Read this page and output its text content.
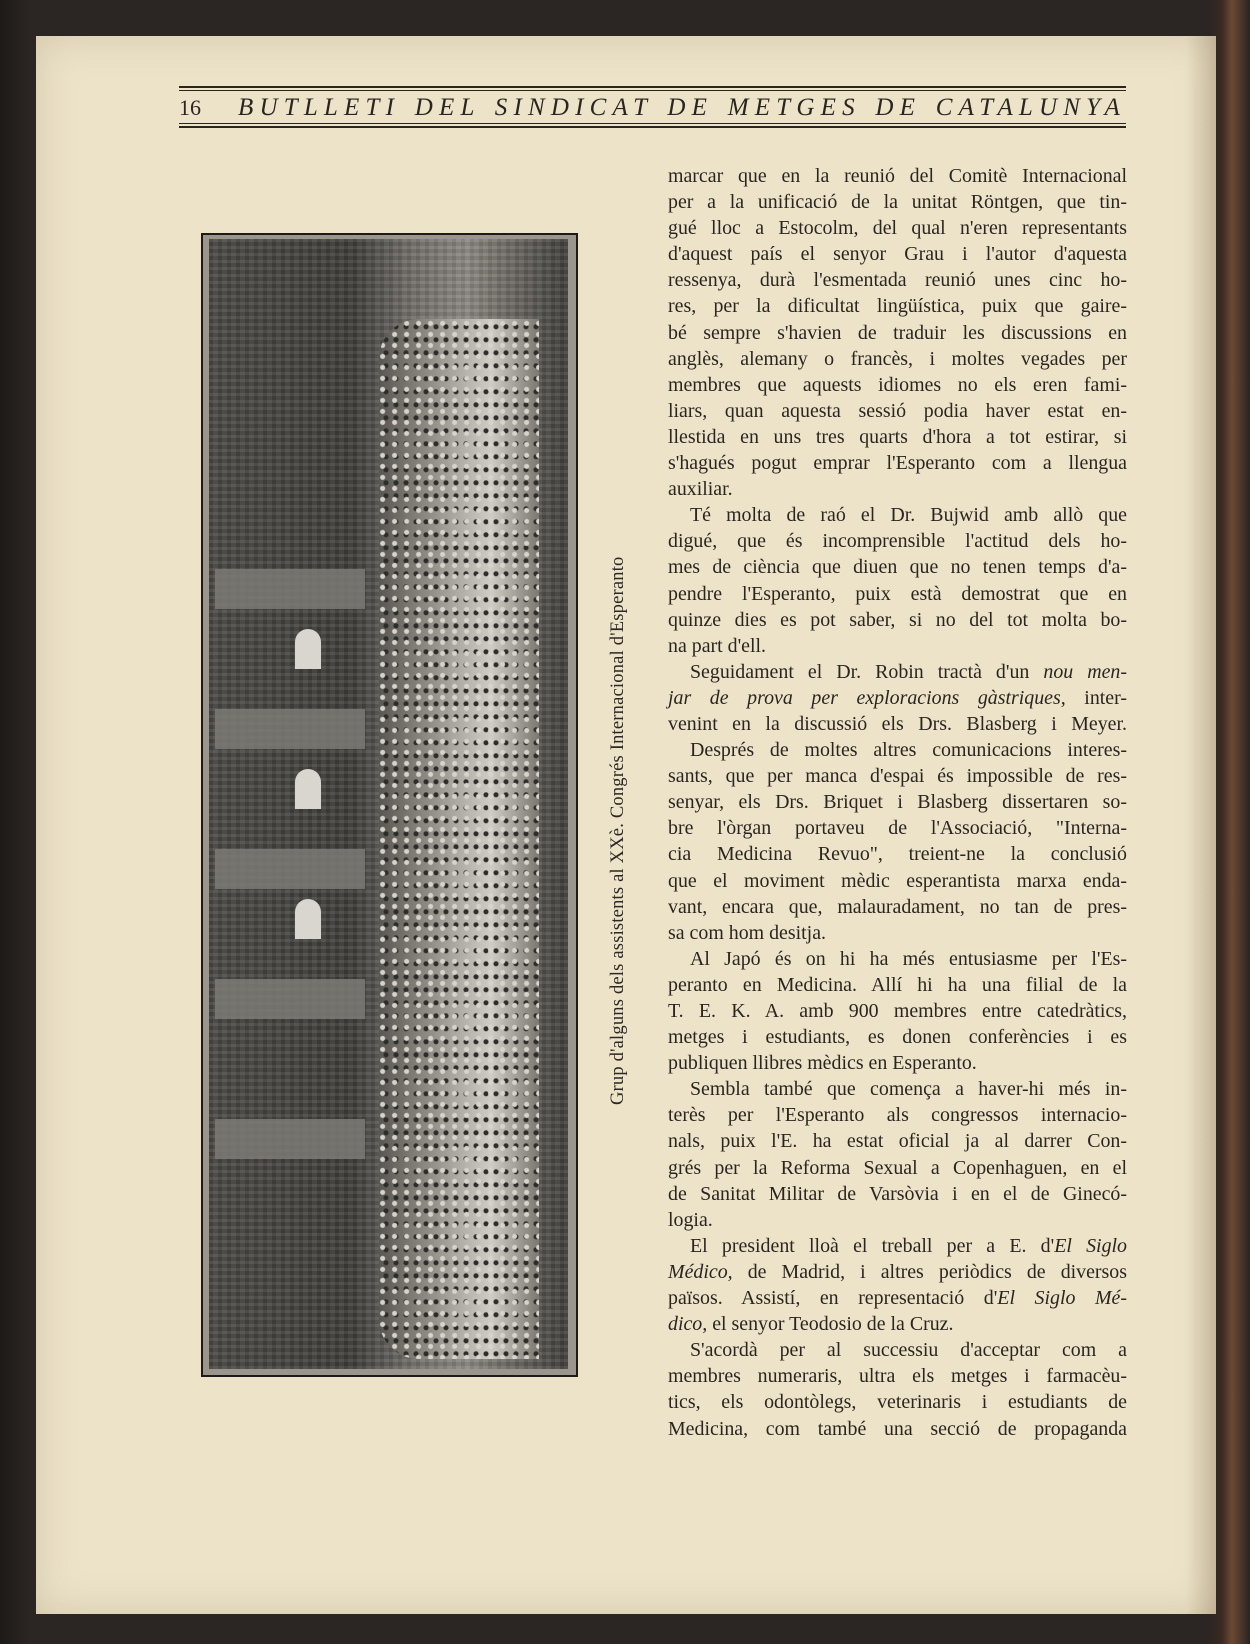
16 BUTLLETI DEL SINDICAT DE METGES DE CATALUNYA
Grup d'alguns dels assistents al XXè. Congrés Internacional d'Esperanto
marcar que en la reunió del Comitè Internacional
per a la unificació de la unitat Röntgen, que tin-
gué lloc a Estocolm, del qual n'eren representants
d'aquest país el senyor Grau i l'autor d'aquesta
ressenya, durà l'esmentada reunió unes cinc ho-
res, per la dificultat lingüística, puix que gaire-
bé sempre s'havien de traduir les discussions en
anglès, alemany o francès, i moltes vegades per
membres que aquests idiomes no els eren fami-
liars, quan aquesta sessió podia haver estat en-
llestida en uns tres quarts d'hora a tot estirar, si
s'hagués pogut emprar l'Esperanto com a llengua
auxiliar.
Té molta de raó el Dr. Bujwid amb allò que
digué, que és incomprensible l'actitud dels ho-
mes de ciència que diuen que no tenen temps d'a-
pendre l'Esperanto, puix està demostrat que en
quinze dies es pot saber, si no del tot molta bo-
na part d'ell.
Seguidament el Dr. Robin tractà d'un nou men-
jar de prova per exploracions gàstriques, inter-
venint en la discussió els Drs. Blasberg i Meyer.
Després de moltes altres comunicacions interes-
sants, que per manca d'espai és impossible de res-
senyar, els Drs. Briquet i Blasberg dissertaren so-
bre l'òrgan portaveu de l'Associació, "Interna-
cia Medicina Revuo", treient-ne la conclusió
que el moviment mèdic esperantista marxa enda-
vant, encara que, malauradament, no tan de pres-
sa com hom desitja.
Al Japó és on hi ha més entusiasme per l'Es-
peranto en Medicina. Allí hi ha una filial de la
T. E. K. A. amb 900 membres entre catedràtics,
metges i estudiants, es donen conferències i es
publiquen llibres mèdics en Esperanto.
Sembla també que comença a haver-hi més in-
terès per l'Esperanto als congressos internacio-
nals, puix l'E. ha estat oficial ja al darrer Con-
grés per la Reforma Sexual a Copenhaguen, en el
de Sanitat Militar de Varsòvia i en el de Ginecó-
logia.
El president lloà el treball per a E. d'El Siglo
Médico, de Madrid, i altres periòdics de diversos
països. Assistí, en representació d'El Siglo Mé-
dico, el senyor Teodosio de la Cruz.
S'acordà per al successiu d'acceptar com a
membres numeraris, ultra els metges i farmacèu-
tics, els odontòlegs, veterinaris i estudiants de
Medicina, com també una secció de propaganda
